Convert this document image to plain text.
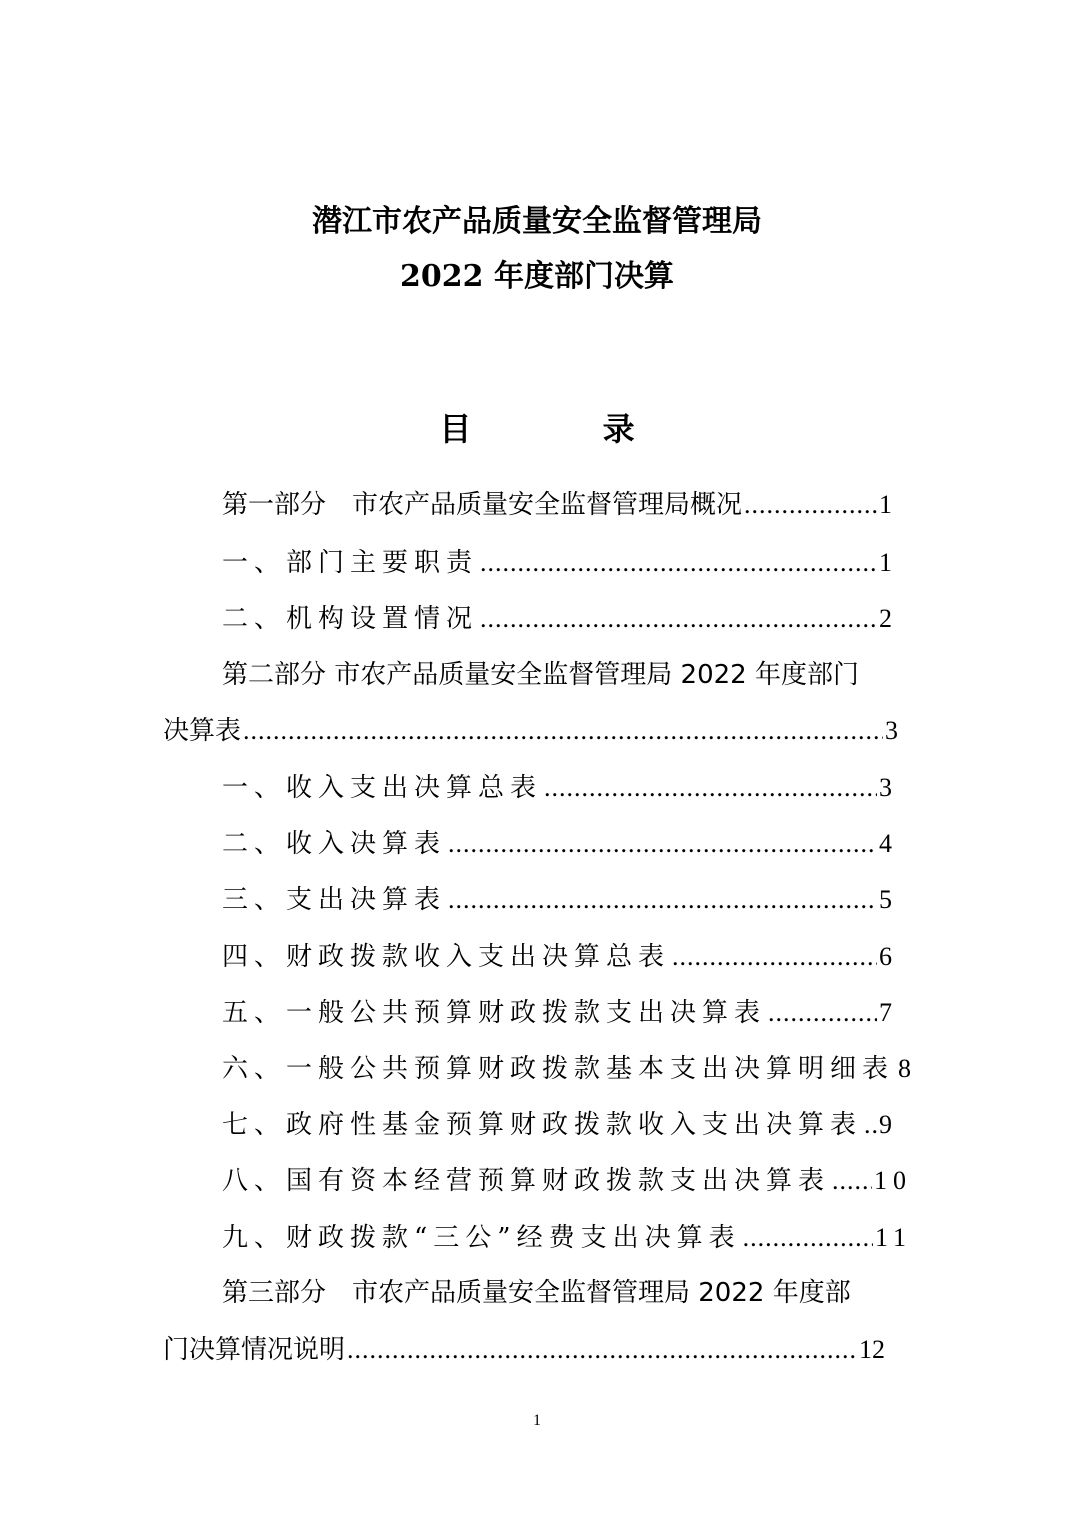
潜江市农产品质量安全监督管理局
2022 年度部门决算
目 录
第一部分　市农产品质量安全监督管理局概况 .....	1
一、部门主要职责 .....	1
二、机构设置情况 .....	2
第二部分 市农产品质量安全监督管理局 2022 年度部门
决算表 .....	3
一、收入支出决算总表 .....	3
二、收入决算表 .....	4
三、支出决算表 .....	5
四、财政拨款收入支出决算总表 .....	6
五、一般公共预算财政拨款支出决算表 .....	7
六、一般公共预算财政拨款基本支出决算明细表 8
七、政府性基金预算财政拨款收入支出决算表 ..... 9
八、国有资本经营预算财政拨款支出决算表 ..... 10
九、财政拨款“三公”经费支出决算表 .....	11
第三部分　市农产品质量安全监督管理局 2022 年度部
门决算情况说明 .....	12
1
